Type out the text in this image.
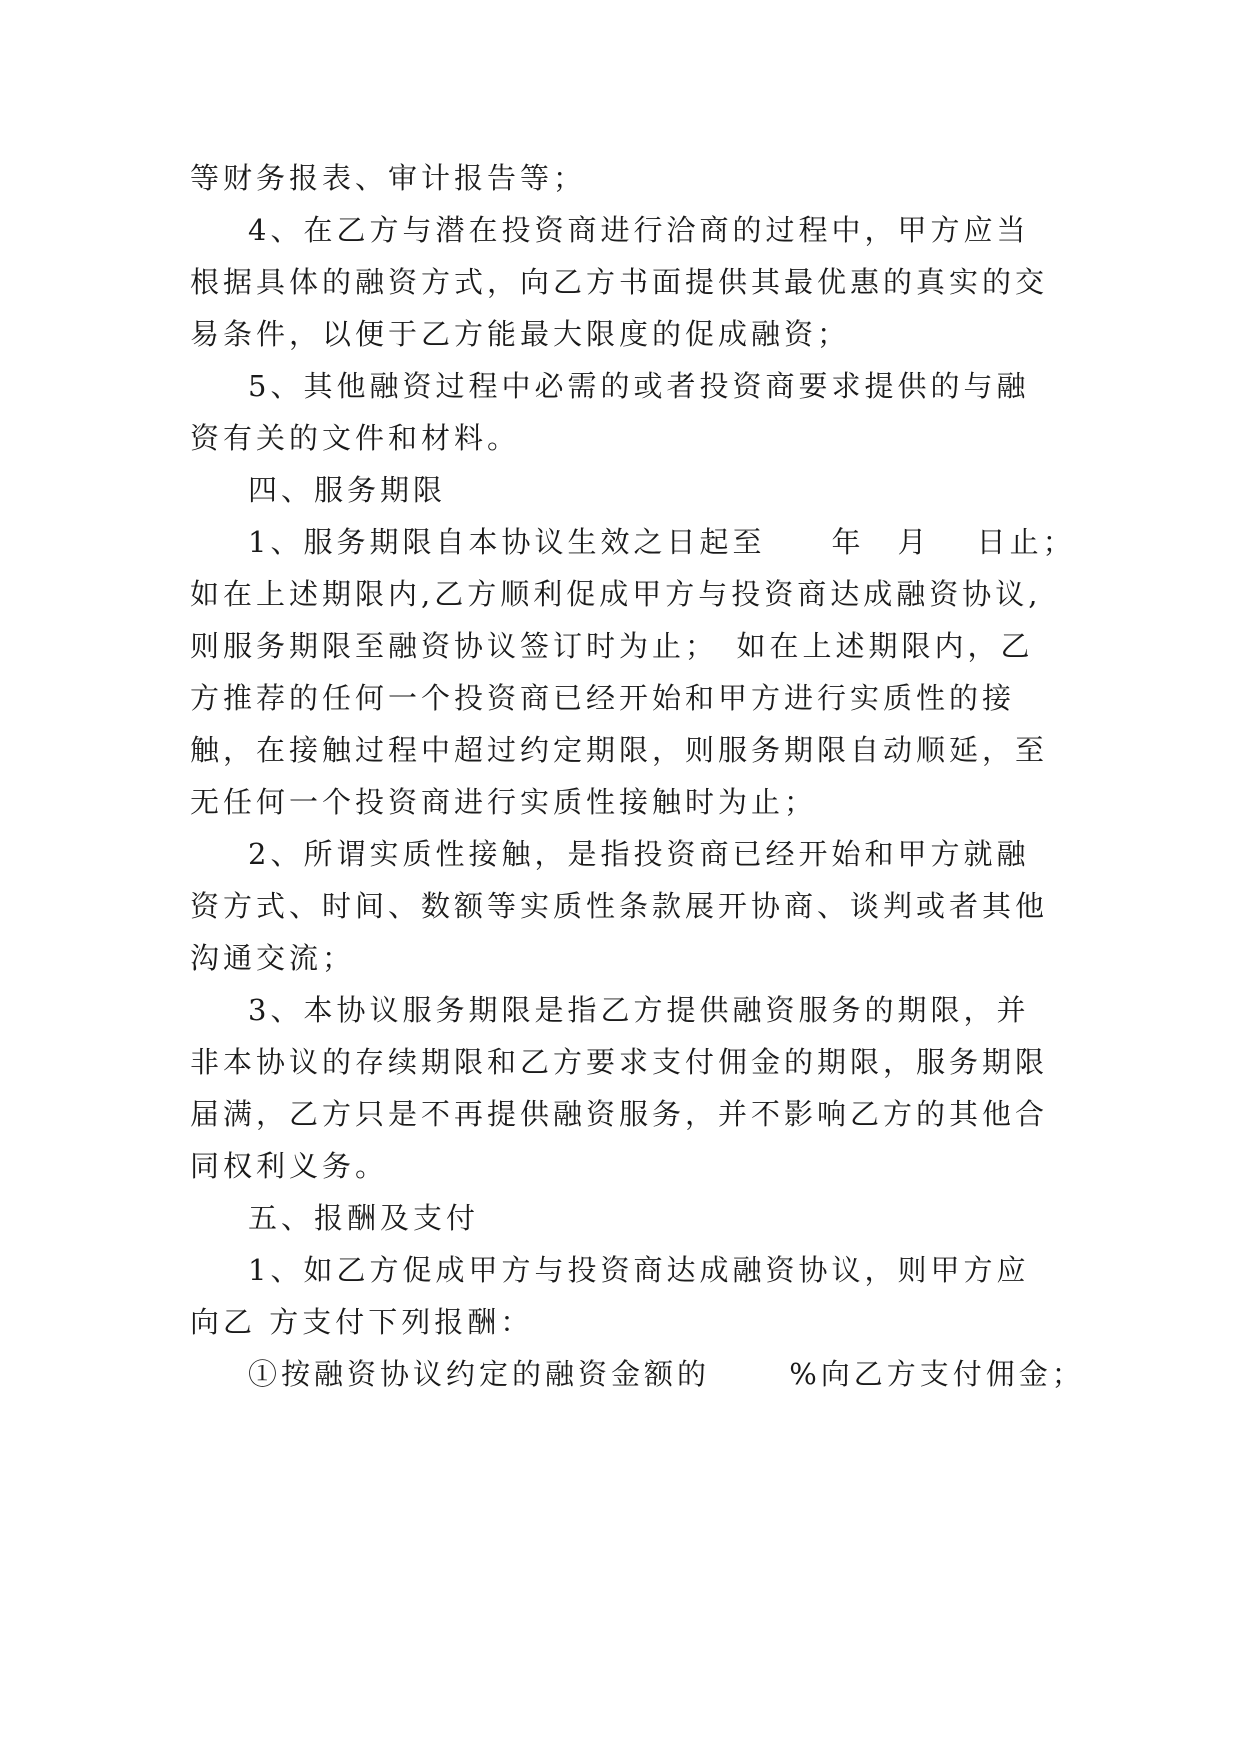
等财务报表、审计报告等；
4、在乙方与潜在投资商进行洽商的过程中，甲方应当
根据具体的融资方式，向乙方书面提供其最优惠的真实的交
易条件，以便于乙方能最大限度的促成融资；
5、其他融资过程中必需的或者投资商要求提供的与融
资有关的文件和材料。
四、服务期限
1、服务期限自本协议生效之日起至　　年　月　 日止；
如在上述期限内,乙方顺利促成甲方与投资商达成融资协议,
则服务期限至融资协议签订时为止；　如在上述期限内，乙
方推荐的任何一个投资商已经开始和甲方进行实质性的接
触，在接触过程中超过约定期限，则服务期限自动顺延，至
无任何一个投资商进行实质性接触时为止；
2、所谓实质性接触，是指投资商已经开始和甲方就融
资方式、时间、数额等实质性条款展开协商、谈判或者其他
沟通交流；
3、本协议服务期限是指乙方提供融资服务的期限，并
非本协议的存续期限和乙方要求支付佣金的期限，服务期限
届满，乙方只是不再提供融资服务，并不影响乙方的其他合
同权利义务。
五、报酬及支付
1、如乙方促成甲方与投资商达成融资协议，则甲方应
向乙 方支付下列报酬：
①按融资协议约定的融资金额的　　 %向乙方支付佣金；
